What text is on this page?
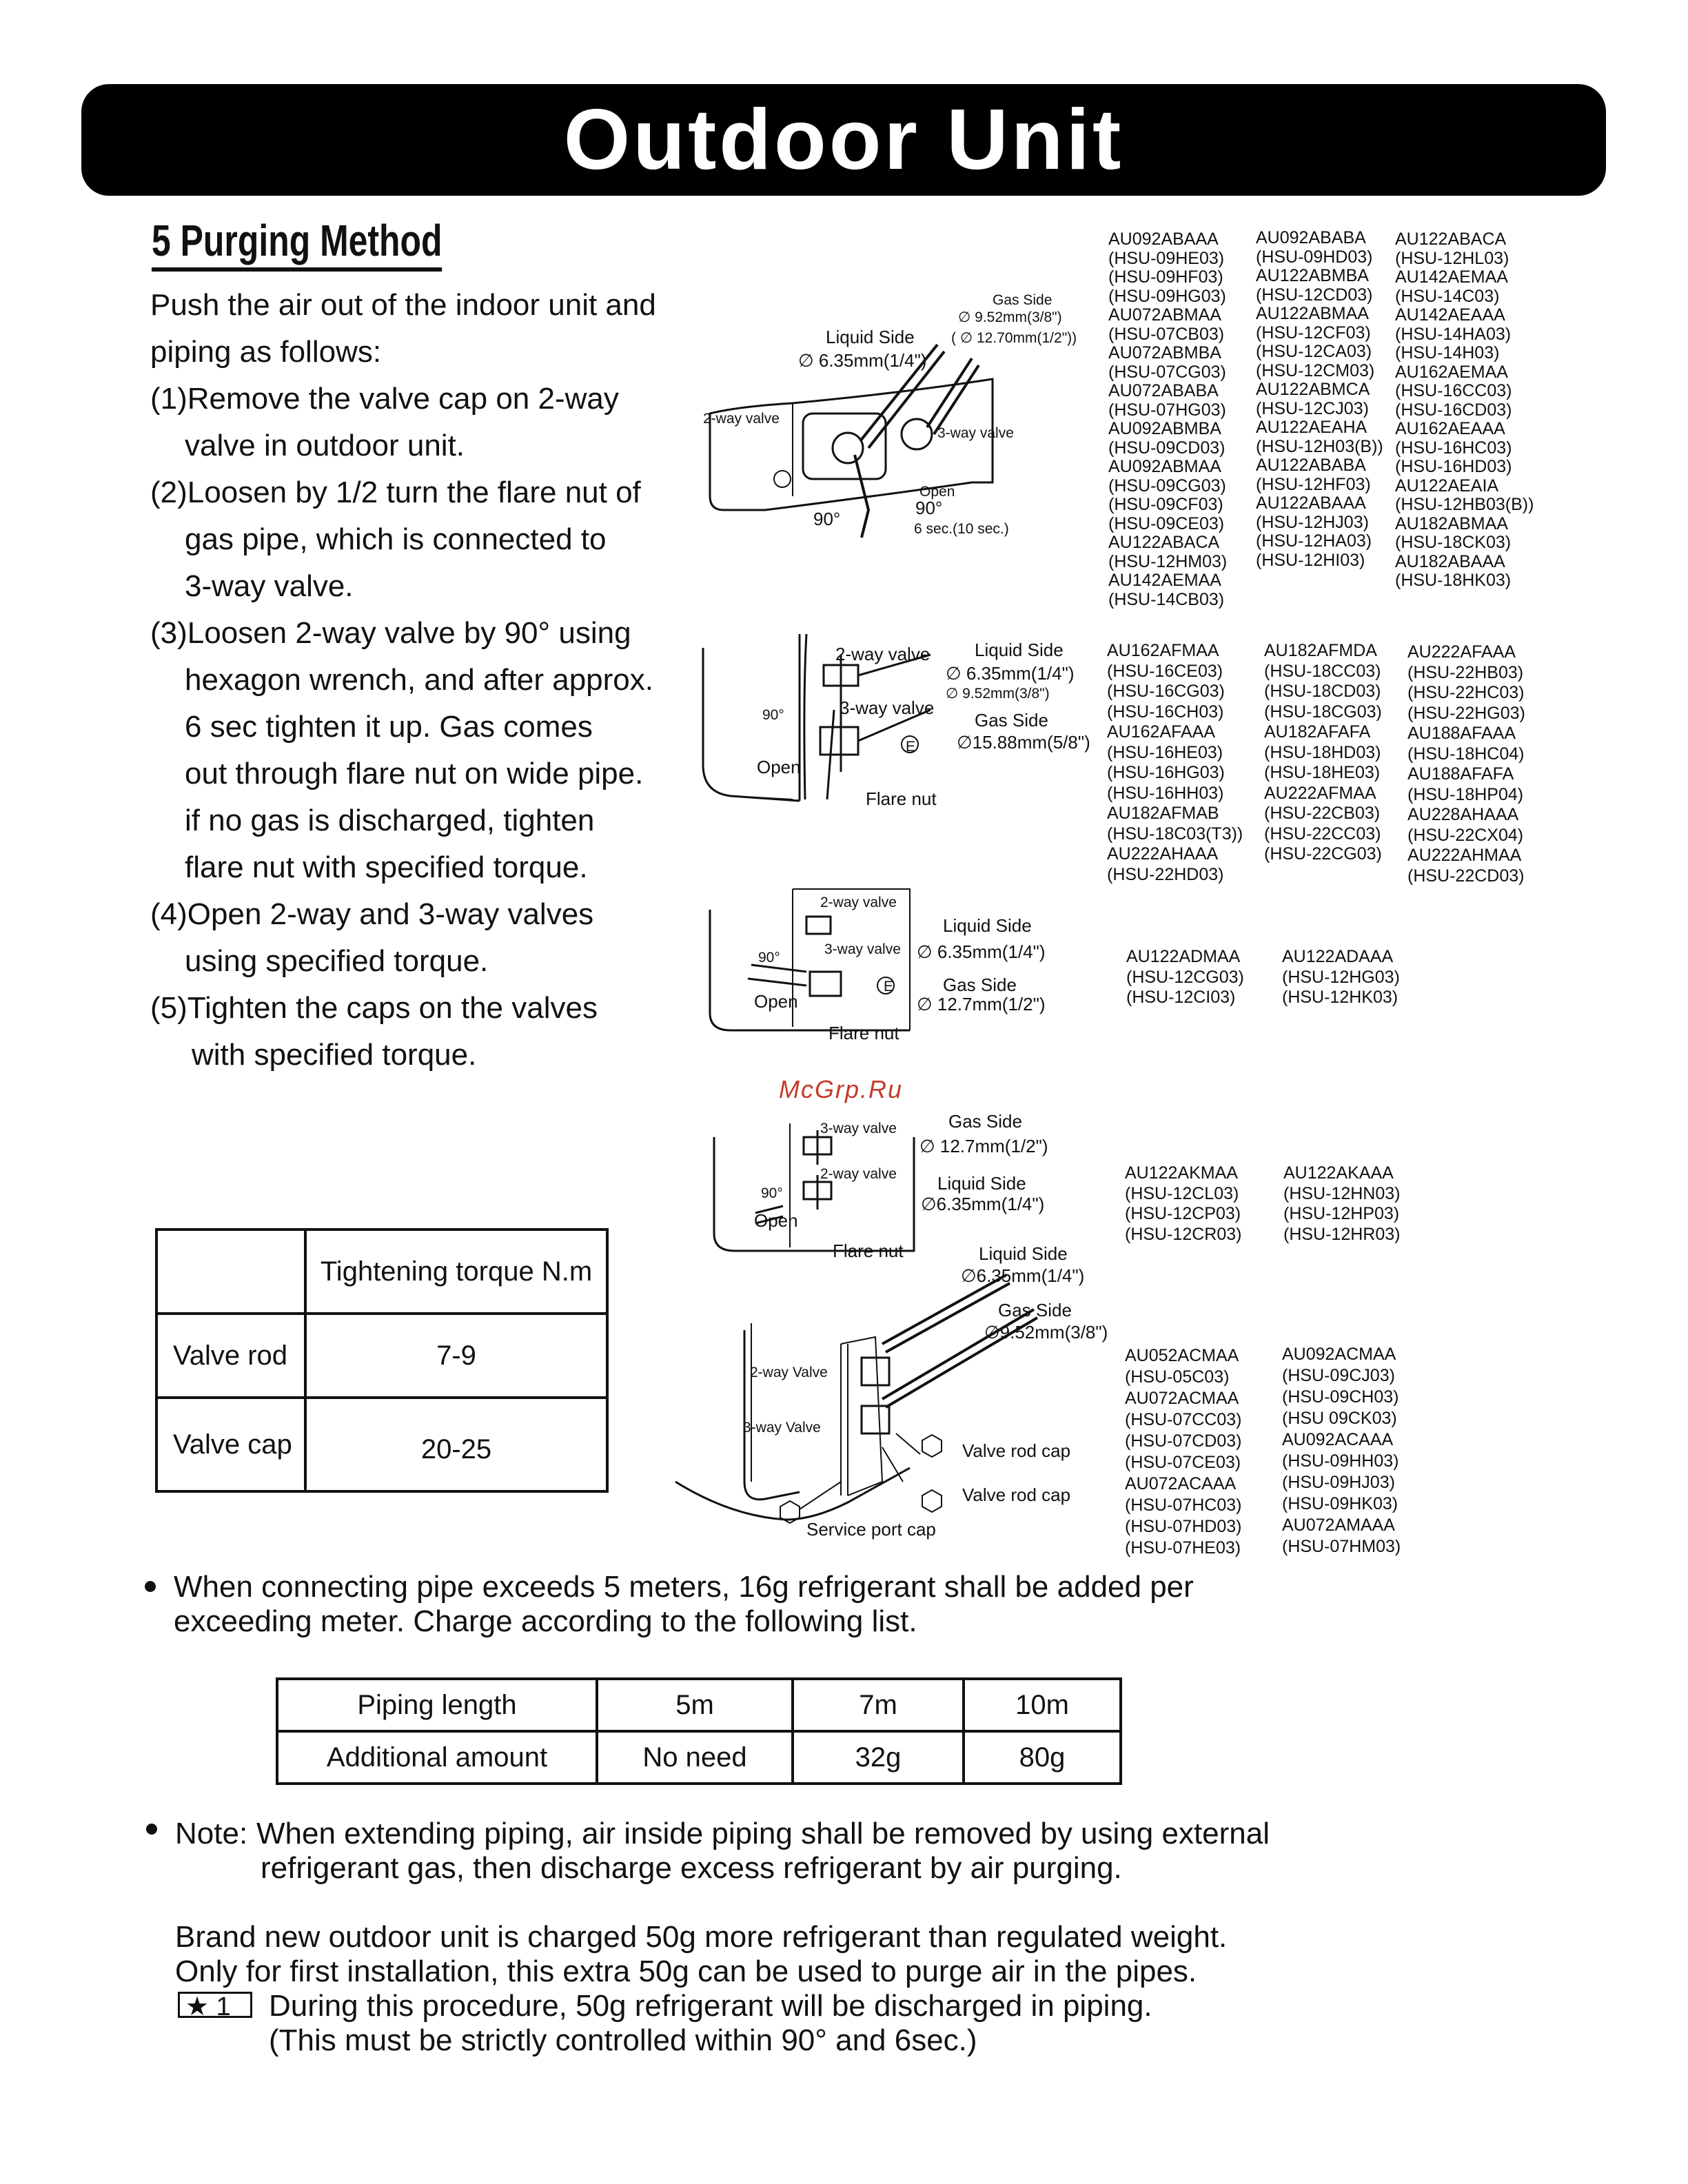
Outdoor Unit
5 Purging Method
Push the air out of the indoor unit and
piping as follows:
(1)Remove the valve cap on 2-way
valve in outdoor unit.
(2)Loosen by 1/2 turn the flare nut of
gas pipe, which is connected to
3-way valve.
(3)Loosen 2-way valve by 90° using
hexagon wrench, and after approx.
6 sec tighten it up. Gas comes
out through flare nut on wide pipe.
if no gas is discharged, tighten
flare nut with specified torque.
(4)Open 2-way and 3-way valves
using specified torque.
(5)Tighten the caps on the valves
with specified torque.
Gas Side
∅ 9.52mm(3/8")
( ∅ 12.70mm(1/2"))
Liquid Side
∅ 6.35mm(1/4")
2-way valve
3-way valve
Open
90°
90°	6 sec.(10 sec.)
AU092ABAAA
(HSU-09HE03)
(HSU-09HF03)
(HSU-09HG03)
AU072ABMAA
(HSU-07CB03)
AU072ABMBA
(HSU-07CG03)
AU072ABABA
(HSU-07HG03)
AU092ABMBA
(HSU-09CD03)
AU092ABMAA
(HSU-09CG03)
(HSU-09CF03)
(HSU-09CE03)
AU122ABACA
(HSU-12HM03)
AU142AEMAA
(HSU-14CB03)
AU092ABABA
(HSU-09HD03)
AU122ABMBA
(HSU-12CD03)
AU122ABMAA
(HSU-12CF03)
(HSU-12CA03)
(HSU-12CM03)
AU122ABMCA
(HSU-12CJ03)
AU122AEAHA
(HSU-12H03(B))
AU122ABABA
(HSU-12HF03)
AU122ABAAA
(HSU-12HJ03)
(HSU-12HA03)
(HSU-12HI03)
AU122ABACA
(HSU-12HL03)
AU142AEMAA
(HSU-14C03)
AU142AEAAA
(HSU-14HA03)
(HSU-14H03)
AU162AEMAA
(HSU-16CC03)
(HSU-16CD03)
AU162AEAAA
(HSU-16HC03)
(HSU-16HD03)
AU122AEAIA
(HSU-12HB03(B))
AU182ABMAA
(HSU-18CK03)
AU182ABAAA
(HSU-18HK03)
2-way valve
3-way valve
Liquid Side
∅ 6.35mm(1/4")
∅ 9.52mm(3/8")
Gas Side
∅15.88mm(5/8")
90°
Open
Flare nut
E
AU162AFMAA
(HSU-16CE03)
(HSU-16CG03)
(HSU-16CH03)
AU162AFAAA
(HSU-16HE03)
(HSU-16HG03)
(HSU-16HH03)
AU182AFMAB
(HSU-18C03(T3))
AU222AHAAA
(HSU-22HD03)
AU182AFMDA
(HSU-18CC03)
(HSU-18CD03)
(HSU-18CG03)
AU182AFAFA
(HSU-18HD03)
(HSU-18HE03)
AU222AFMAA
(HSU-22CB03)
(HSU-22CC03)
(HSU-22CG03)
AU222AFAAA
(HSU-22HB03)
(HSU-22HC03)
(HSU-22HG03)
AU188AFAAA
(HSU-18HC04)
AU188AFAFA
(HSU-18HP04)
AU228AHAAA
(HSU-22CX04)
AU222AHMAA
(HSU-22CD03)
2-way valve
3-way valve
Liquid Side
∅ 6.35mm(1/4")
Gas Side
∅ 12.7mm(1/2")
90°
Open
Flare nut
E
AU122ADMAA
(HSU-12CG03)
(HSU-12CI03)
AU122ADAAA
(HSU-12HG03)
(HSU-12HK03)
McGrp.Ru
3-way valve
2-way valve
Gas Side
∅ 12.7mm(1/2")
Liquid Side
∅6.35mm(1/4")
90°
Open
Flare nut
AU122AKMAA
(HSU-12CL03)
(HSU-12CP03)
(HSU-12CR03)
AU122AKAAA
(HSU-12HN03)
(HSU-12HP03)
(HSU-12HR03)
Liquid Side
∅6.35mm(1/4")
Gas Side
∅9.52mm(3/8")
2-way Valve
3-way Valve
Valve rod cap
Valve rod cap
Service port cap
AU052ACMAA
(HSU-05C03)
AU072ACMAA
(HSU-07CC03)
(HSU-07CD03)
(HSU-07CE03)
AU072ACAAA
(HSU-07HC03)
(HSU-07HD03)
(HSU-07HE03)
AU092ACMAA
(HSU-09CJ03)
(HSU-09CH03)
(HSU 09CK03)
AU092ACAAA
(HSU-09HH03)
(HSU-09HJ03)
(HSU-09HK03)
AU072AMAAA
(HSU-07HM03)
	Tightening torque N.m
Valve rod	7-9
Valve cap	20-25
When connecting pipe exceeds 5 meters, 16g refrigerant shall be added per
exceeding meter. Charge according to the following list.
Piping length	5m	7m	10m
Additional amount	No need	32g	80g
Note: When extending piping, air inside piping shall be removed by using external
refrigerant gas, then discharge excess refrigerant by air purging.
Brand new outdoor unit is charged 50g more refrigerant than regulated weight.
Only for first installation, this extra 50g can be used to purge air in the pipes.
★ 1	During this procedure, 50g refrigerant will be discharged in piping.
(This must be strictly controlled within 90° and 6sec.)
